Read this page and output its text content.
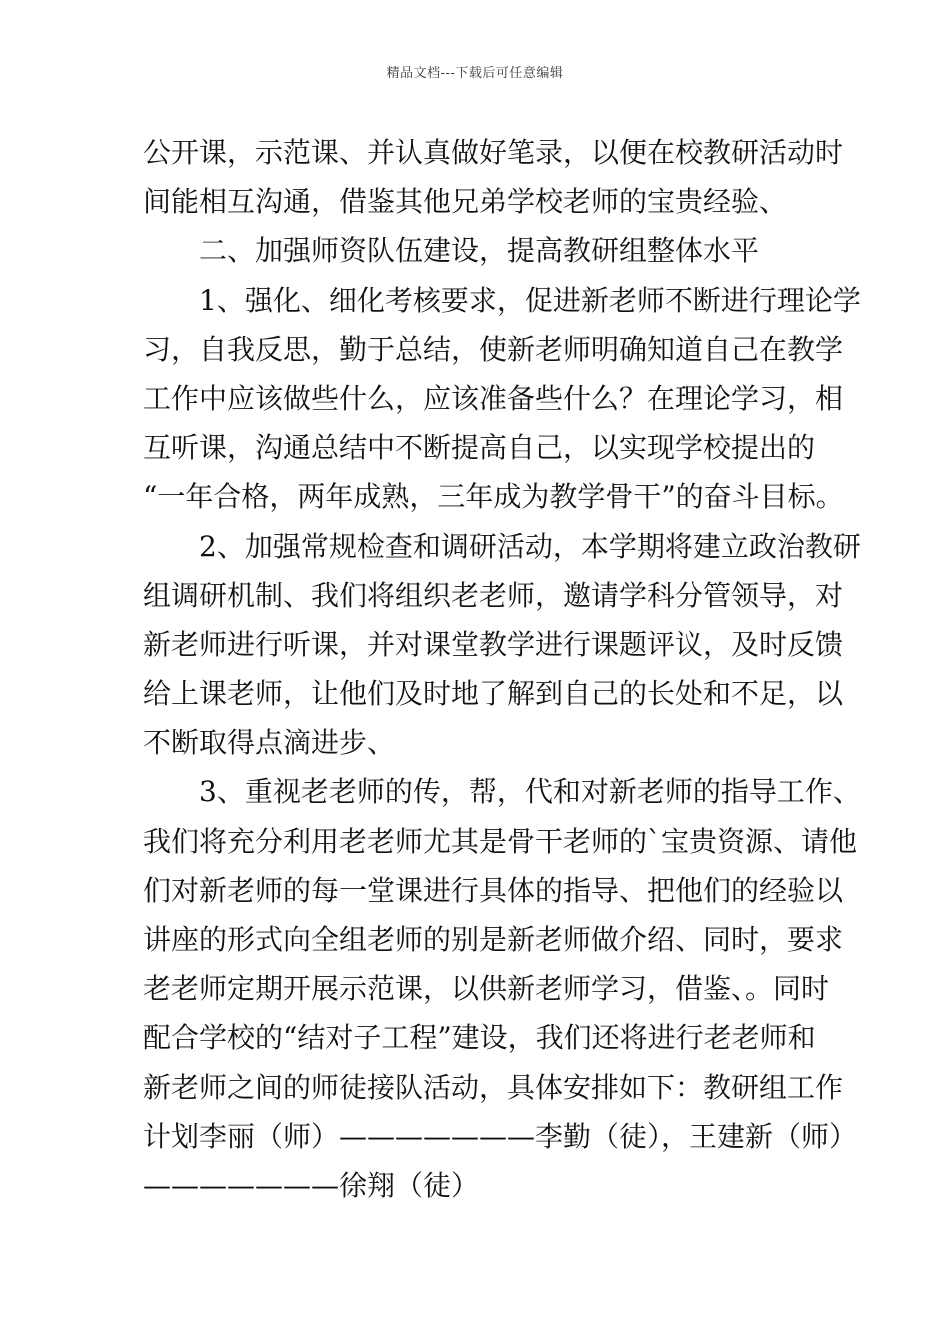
精品文档---下载后可任意编辑
公开课，示范课、并认真做好笔录，以便在校教研活动时
间能相互沟通，借鉴其他兄弟学校老师的宝贵经验、
二、加强师资队伍建设，提高教研组整体水平
1、强化、细化考核要求，促进新老师不断进行理论学
习，自我反思，勤于总结，使新老师明确知道自己在教学
工作中应该做些什么，应该准备些什么？在理论学习，相
互听课，沟通总结中不断提高自己，以实现学校提出的
“一年合格，两年成熟，三年成为教学骨干”的奋斗目标。
2、加强常规检查和调研活动，本学期将建立政治教研
组调研机制、我们将组织老老师，邀请学科分管领导，对
新老师进行听课，并对课堂教学进行课题评议，及时反馈
给上课老师，让他们及时地了解到自己的长处和不足，以
不断取得点滴进步、
3、重视老老师的传，帮，代和对新老师的指导工作、
我们将充分利用老老师尤其是骨干老师的`宝贵资源、请他
们对新老师的每一堂课进行具体的指导、把他们的经验以
讲座的形式向全组老师的别是新老师做介绍、同时，要求
老老师定期开展示范课，以供新老师学习，借鉴、。同时
配合学校的“结对子工程”建设，我们还将进行老老师和
新老师之间的师徒接队活动，具体安排如下：教研组工作
计划李丽（师）———————李勤（徒），王建新（师）
———————徐翔（徒）
